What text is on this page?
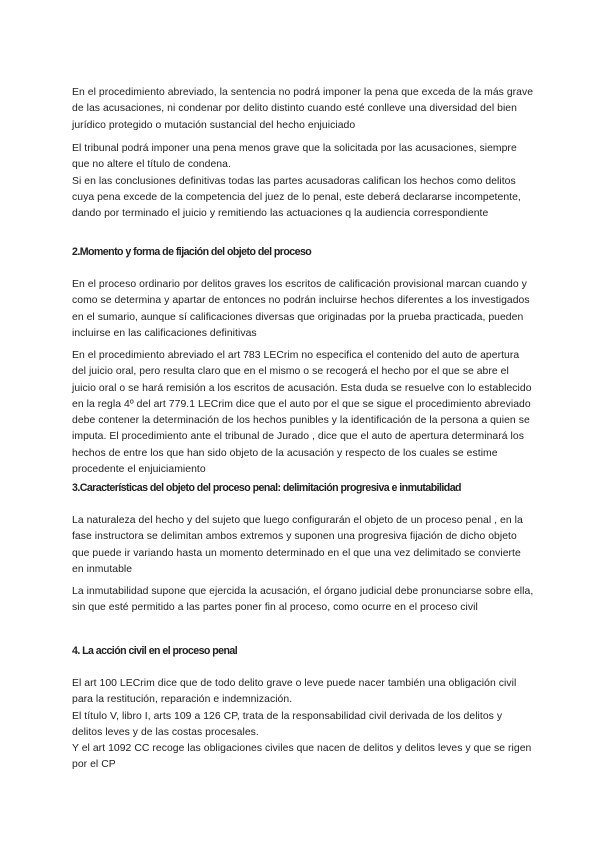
En el procedimiento abreviado, la sentencia no podrá imponer la pena que exceda de la más grave de las acusaciones, ni condenar por delito distinto cuando esté conlleve una diversidad del bien jurídico protegido o mutación sustancial del hecho enjuiciado

El tribunal podrá imponer una pena menos grave que la solicitada por las acusaciones, siempre que no altere el título de condena.

Si en las conclusiones definitivas todas las partes acusadoras califican los hechos como delitos cuya pena excede de la competencia del juez de lo penal, este deberá declararse incompetente, dando por terminado el juicio y remitiendo las actuaciones q la audiencia correspondiente

2.Momento y forma de fijación del objeto del proceso

En el proceso ordinario por delitos graves los escritos de calificación provisional marcan cuando y como se determina y apartar de entonces no podrán incluirse hechos diferentes a los investigados en el sumario, aunque sí calificaciones diversas que originadas por la prueba practicada, pueden incluirse en las calificaciones definitivas

En el procedimiento abreviado el art 783 LECrim no especifica el contenido del auto de apertura del juicio oral, pero resulta claro que en el mismo o se recogerá el hecho por el que se abre el juicio oral o se hará remisión a los escritos de acusación. Esta duda se resuelve con lo establecido en la regla 4º del art 779.1 LECrim dice que el auto por el que se sigue el procedimiento abreviado debe contener la determinación de los hechos punibles y la identificación de la persona a quien se imputa. El procedimiento ante el tribunal de Jurado , dice que el auto de apertura determinará los hechos de entre los que han sido objeto de la acusación y respecto de los cuales se estime procedente el enjuiciamiento

3.Características del objeto del proceso penal: delimitación progresiva e inmutabilidad

La naturaleza del hecho y del sujeto que luego configurarán el objeto de un proceso penal , en la fase instructora se delimitan ambos extremos y suponen una progresiva fijación de dicho objeto que puede ir variando hasta un momento determinado en el que una vez delimitado se convierte en inmutable

La inmutabilidad supone que ejercida la acusación, el órgano judicial debe pronunciarse sobre ella, sin que esté permitido a las partes poner fin al proceso, como ocurre en el proceso civil

4. La acción civil en el proceso penal

El art 100 LECrim dice que de todo delito grave o leve puede nacer también una obligación civil para la restitución, reparación e indemnización.

El título V, libro I, arts 109 a 126 CP, trata de la responsabilidad civil derivada de los delitos y delitos leves y de las costas procesales.

Y el art 1092 CC recoge las obligaciones civiles que nacen de delitos y delitos leves y que se rigen por el CP
